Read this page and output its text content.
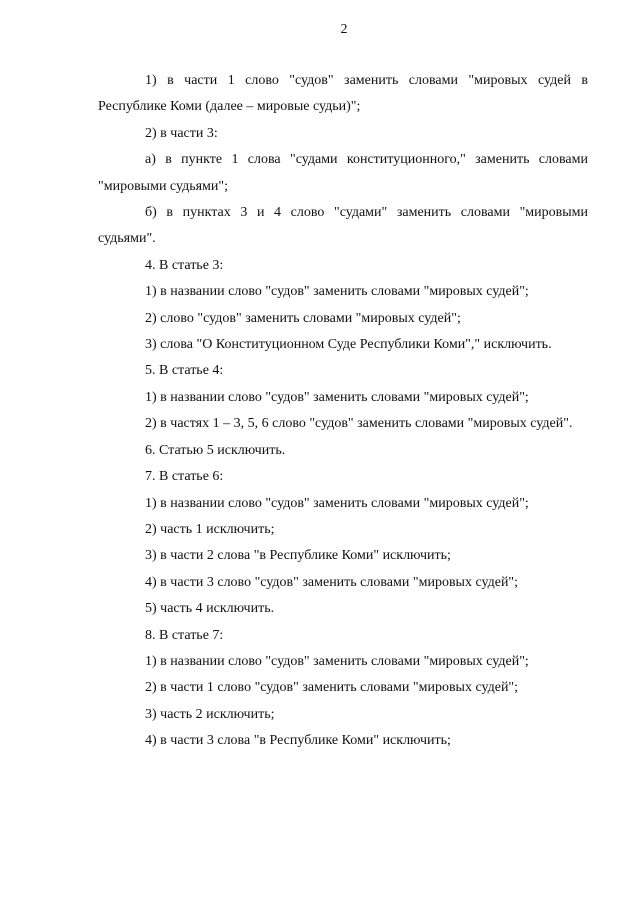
2

1) в части 1 слово "судов" заменить словами "мировых судей в Республике Коми (далее – мировые судьи)";

2) в части 3:

а) в пункте 1 слова "судами конституционного," заменить словами "мировыми судьями";

б) в пунктах 3 и 4 слово "судами" заменить словами "мировыми судьями".

4. В статье 3:

1) в названии слово "судов" заменить словами "мировых судей";

2) слово "судов" заменить словами "мировых судей";

3) слова "О Конституционном Суде Республики Коми"," исключить.

5. В статье 4:

1) в названии слово "судов" заменить словами "мировых судей";

2) в частях 1 – 3, 5, 6 слово "судов" заменить словами "мировых судей".

6. Статью 5 исключить.

7. В статье 6:

1) в названии слово "судов" заменить словами "мировых судей";

2) часть 1 исключить;

3) в части 2 слова "в Республике Коми" исключить;

4) в части 3 слово "судов" заменить словами "мировых судей";

5) часть 4 исключить.

8. В статье 7:

1) в названии слово "судов" заменить словами "мировых судей";

2) в части 1 слово "судов" заменить словами "мировых судей";

3) часть 2 исключить;

4) в части 3 слова "в Республике Коми" исключить;
